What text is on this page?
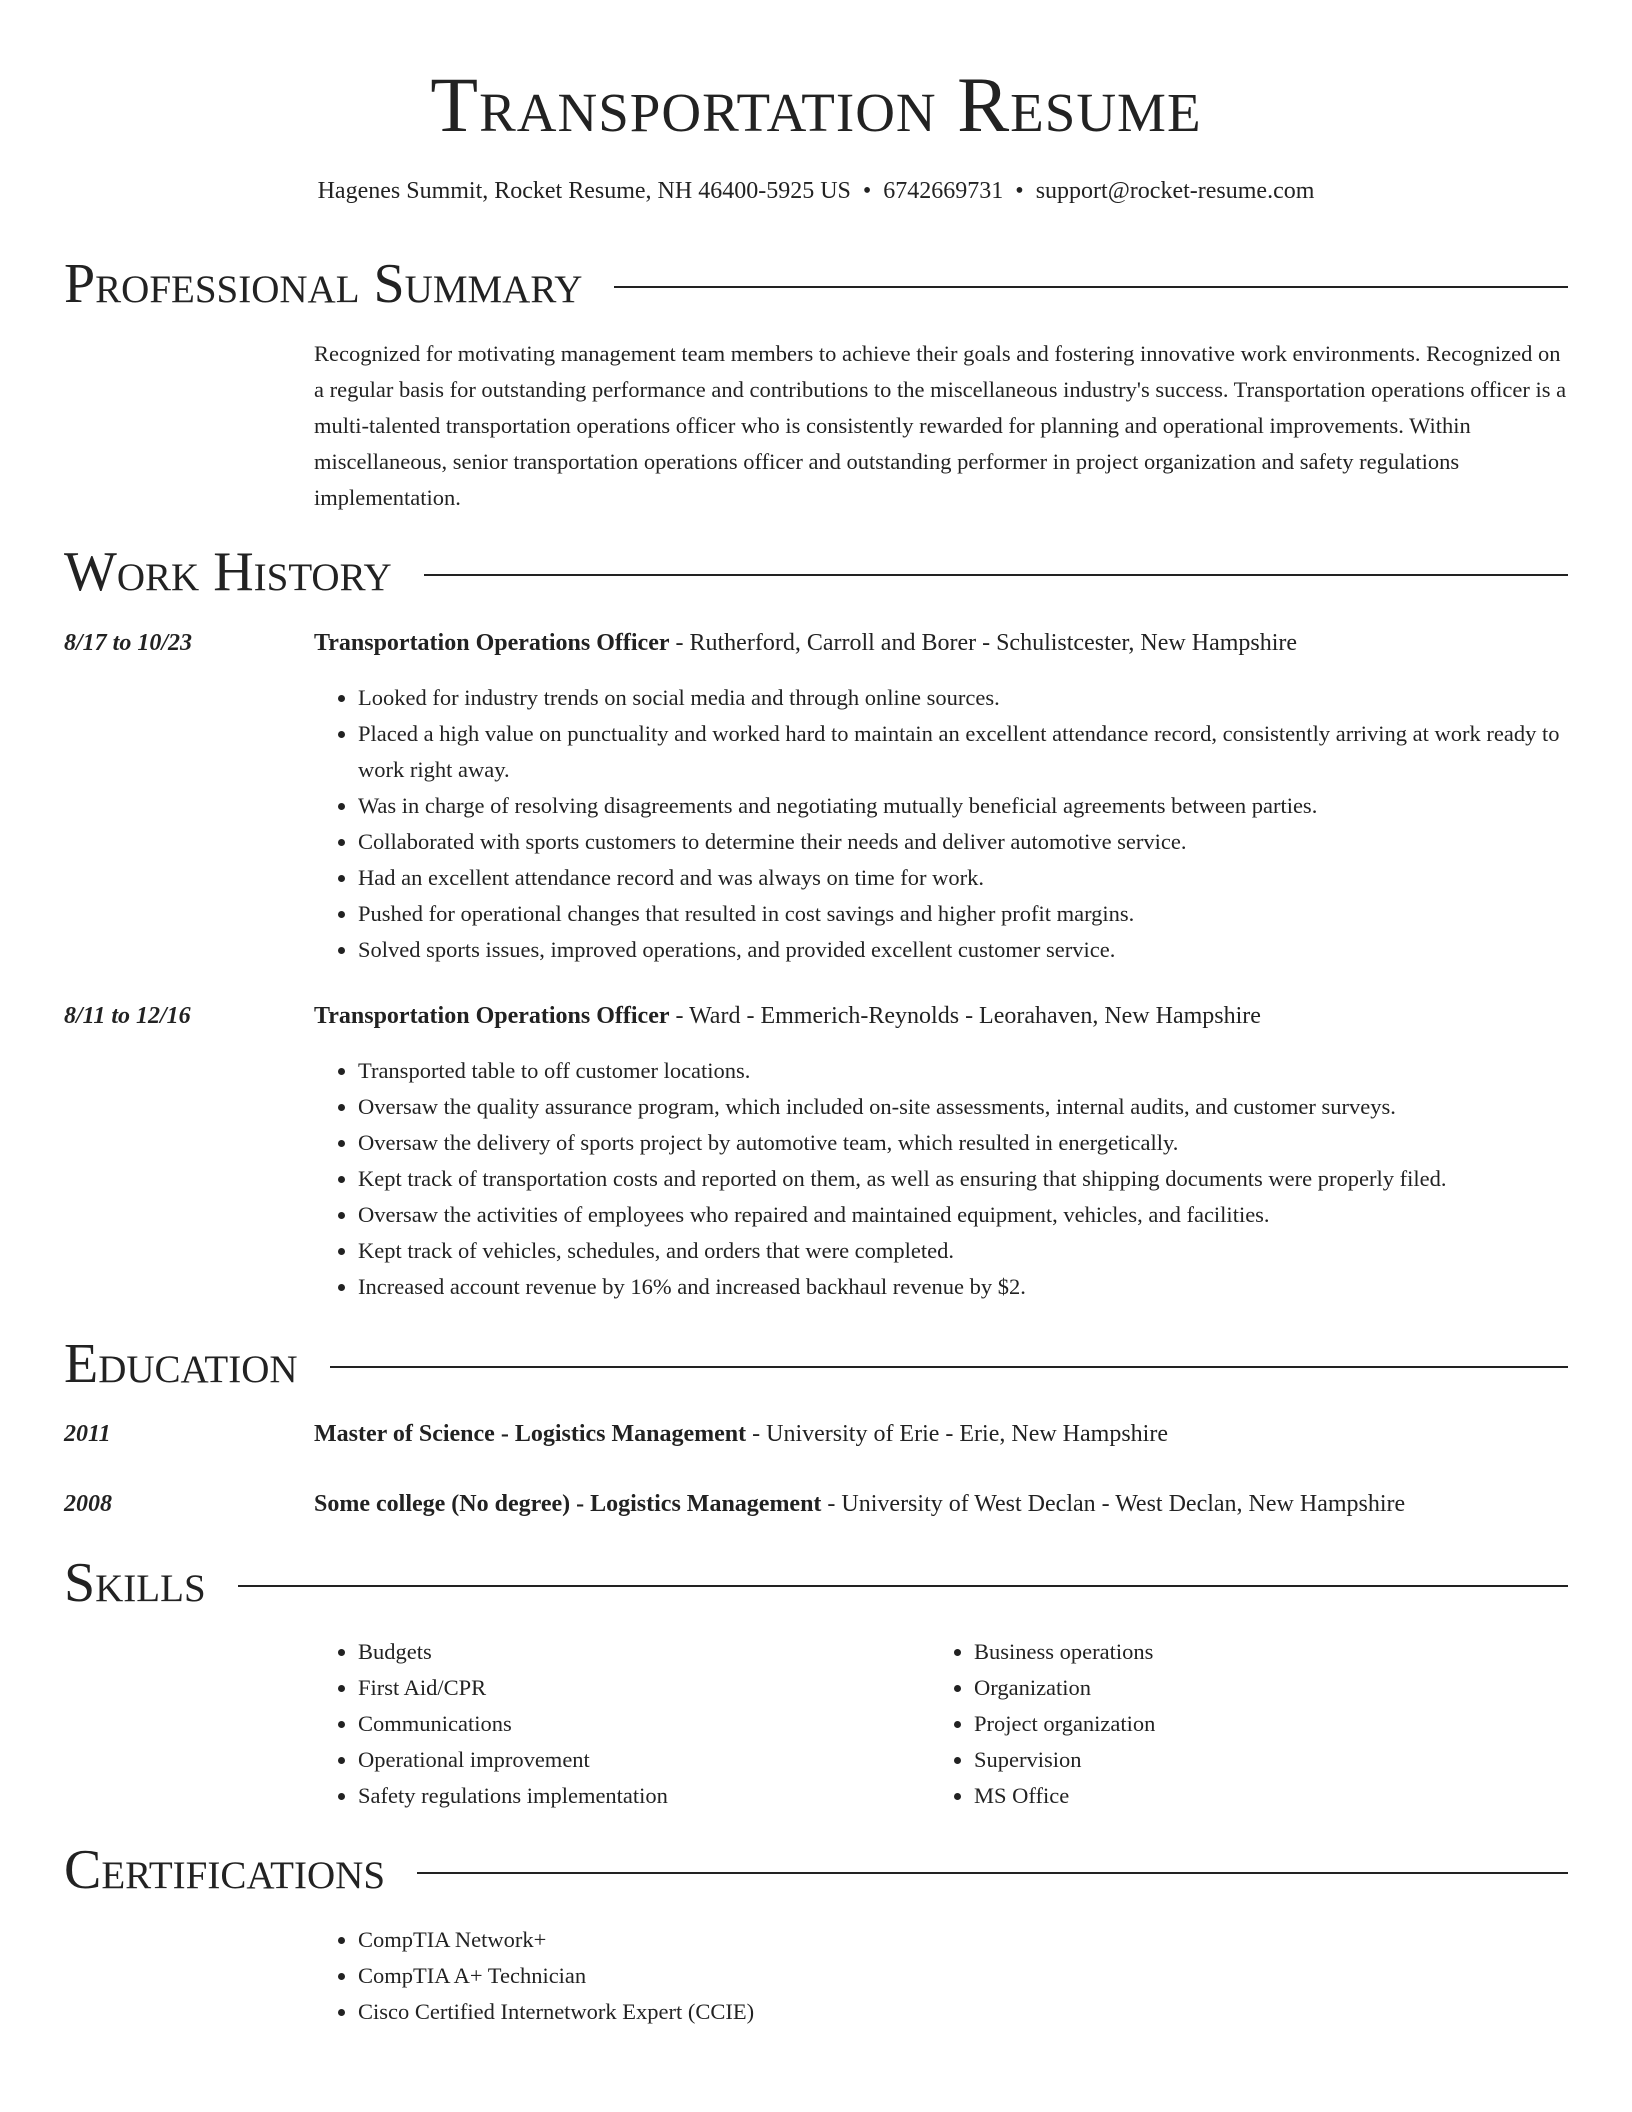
Transportation Resume
Hagenes Summit, Rocket Resume, NH 46400-5925 US • 6742669731 • support@rocket-resume.com
Professional Summary

Recognized for motivating management team members to achieve their goals and fostering innovative work environments. Recognized on a regular basis for outstanding performance and contributions to the miscellaneous industry's success. Transportation operations officer is a multi-talented transportation operations officer who is consistently rewarded for planning and operational improvements. Within miscellaneous, senior transportation operations officer and outstanding performer in project organization and safety regulations implementation.

Work History
8/17 to 10/23	Transportation Operations Officer - Rutherford, Carroll and Borer - Schulistcester, New Hampshire
• Looked for industry trends on social media and through online sources.
• Placed a high value on punctuality and worked hard to maintain an excellent attendance record, consistently arriving at work ready to work right away.
• Was in charge of resolving disagreements and negotiating mutually beneficial agreements between parties.
• Collaborated with sports customers to determine their needs and deliver automotive service.
• Had an excellent attendance record and was always on time for work.
• Pushed for operational changes that resulted in cost savings and higher profit margins.
• Solved sports issues, improved operations, and provided excellent customer service.
8/11 to 12/16	Transportation Operations Officer - Ward - Emmerich-Reynolds - Leorahaven, New Hampshire
• Transported table to off customer locations.
• Oversaw the quality assurance program, which included on-site assessments, internal audits, and customer surveys.
• Oversaw the delivery of sports project by automotive team, which resulted in energetically.
• Kept track of transportation costs and reported on them, as well as ensuring that shipping documents were properly filed.
• Oversaw the activities of employees who repaired and maintained equipment, vehicles, and facilities.
• Kept track of vehicles, schedules, and orders that were completed.
• Increased account revenue by 16% and increased backhaul revenue by $2.
Education
2011	Master of Science - Logistics Management - University of Erie - Erie, New Hampshire
2008	Some college (No degree) - Logistics Management - University of West Declan - West Declan, New Hampshire
Skills
• Budgets
• First Aid/CPR
• Communications
• Operational improvement
• Safety regulations implementation
• Business operations
• Organization
• Project organization
• Supervision
• MS Office
Certifications
• CompTIA Network+
• CompTIA A+ Technician
• Cisco Certified Internetwork Expert (CCIE)
